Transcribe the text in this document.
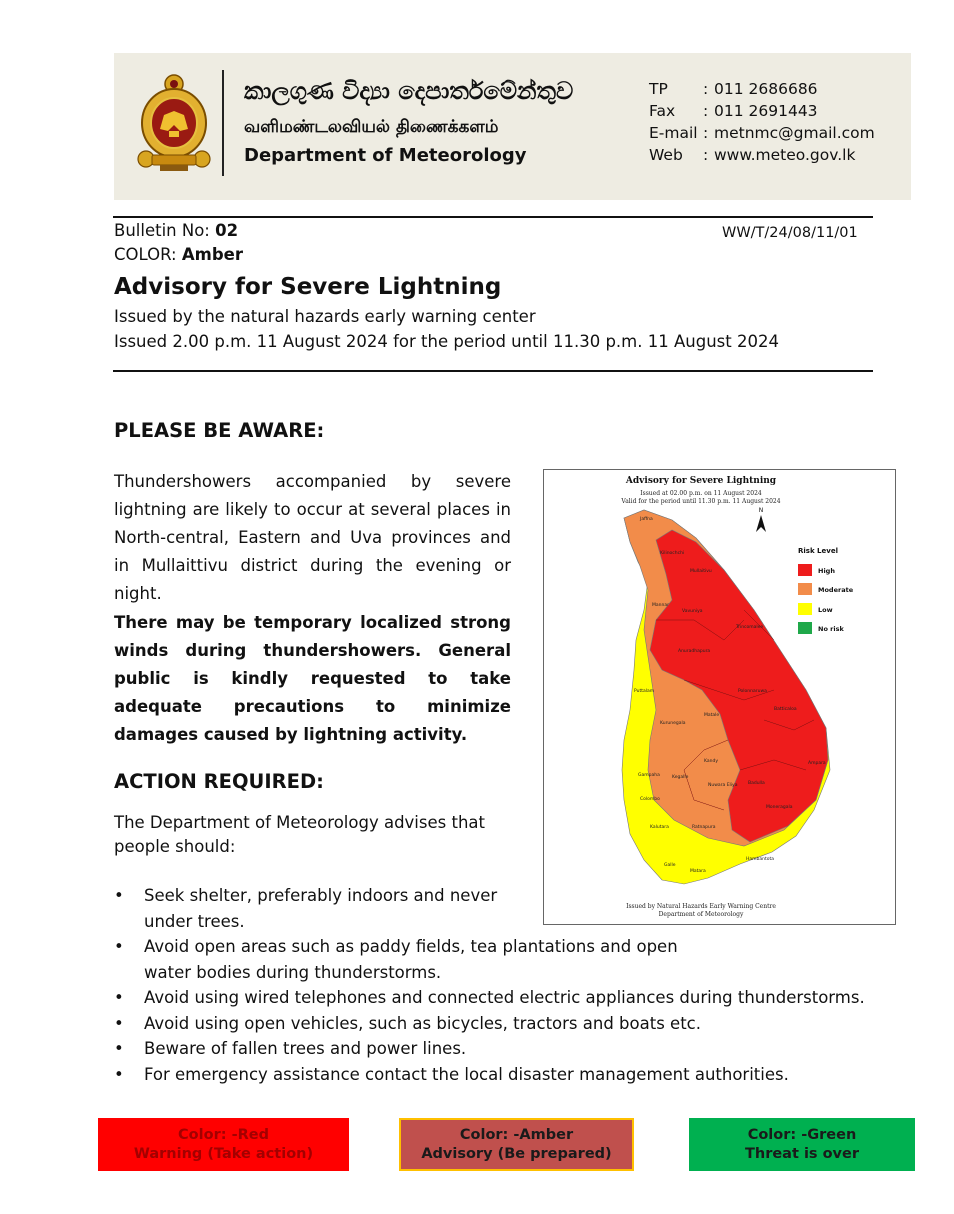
කාලගුණ විද්‍යා දෙපාර්තමේන්තුව
வளிமண்டலவியல் திணைக்களம்
Department of Meteorology
TP	: 011 2686686
Fax	: 011 2691443
E-mail : metnmc@gmail.com
Web	: www.meteo.gov.lk
Bulletin No: 02	WW/T/24/08/11/01
COLOR: Amber
Advisory for Severe Lightning
Issued by the natural hazards early warning center
Issued 2.00 p.m. 11 August 2024 for the period until 11.30 p.m. 11 August 2024
PLEASE BE AWARE:
Thundershowers accompanied by severe lightning are likely to occur at several places in North-central, Eastern and Uva provinces and in Mullaittivu district during the evening or night.
There may be temporary localized strong winds during thundershowers. General public is kindly requested to take adequate precautions to minimize damages caused by lightning activity.
ACTION REQUIRED:
The Department of Meteorology advises that people should:
• Seek shelter, preferably indoors and never under trees.
• Avoid open areas such as paddy fields, tea plantations and open water bodies during thunderstorms.
• Avoid using wired telephones and connected electric appliances during thunderstorms.
• Avoid using open vehicles, such as bicycles, tractors and boats etc.
• Beware of fallen trees and power lines.
• For emergency assistance contact the local disaster management authorities.
Advisory for Severe Lightning
Issued at 02.00 p.m. on 11 August 2024
Valid for the period until 11.30 p.m. 11 August 2024
N
Jaffna
Kilinochchi
Mullaitivu
Mannar
Vavuniya
Trincomalee
Anuradhapura
Puttalam	Polonnaruwa
Batticaloa
Kurunegala
Matale
Kandy	Ampara
Gampaha	Kegalle
Nuwara Eliya Badulla
Colombo
Moneragala
Kalutara	Ratnapura
Hambantota
Galle
Matara
Risk Level
High
Moderate
Low
No risk
Issued by Natural Hazards Early Warning Centre
Department of Meteorology
Color: -Red
Warning (Take action)
Color: -Amber
Advisory (Be prepared)
Color: -Green
Threat is over
